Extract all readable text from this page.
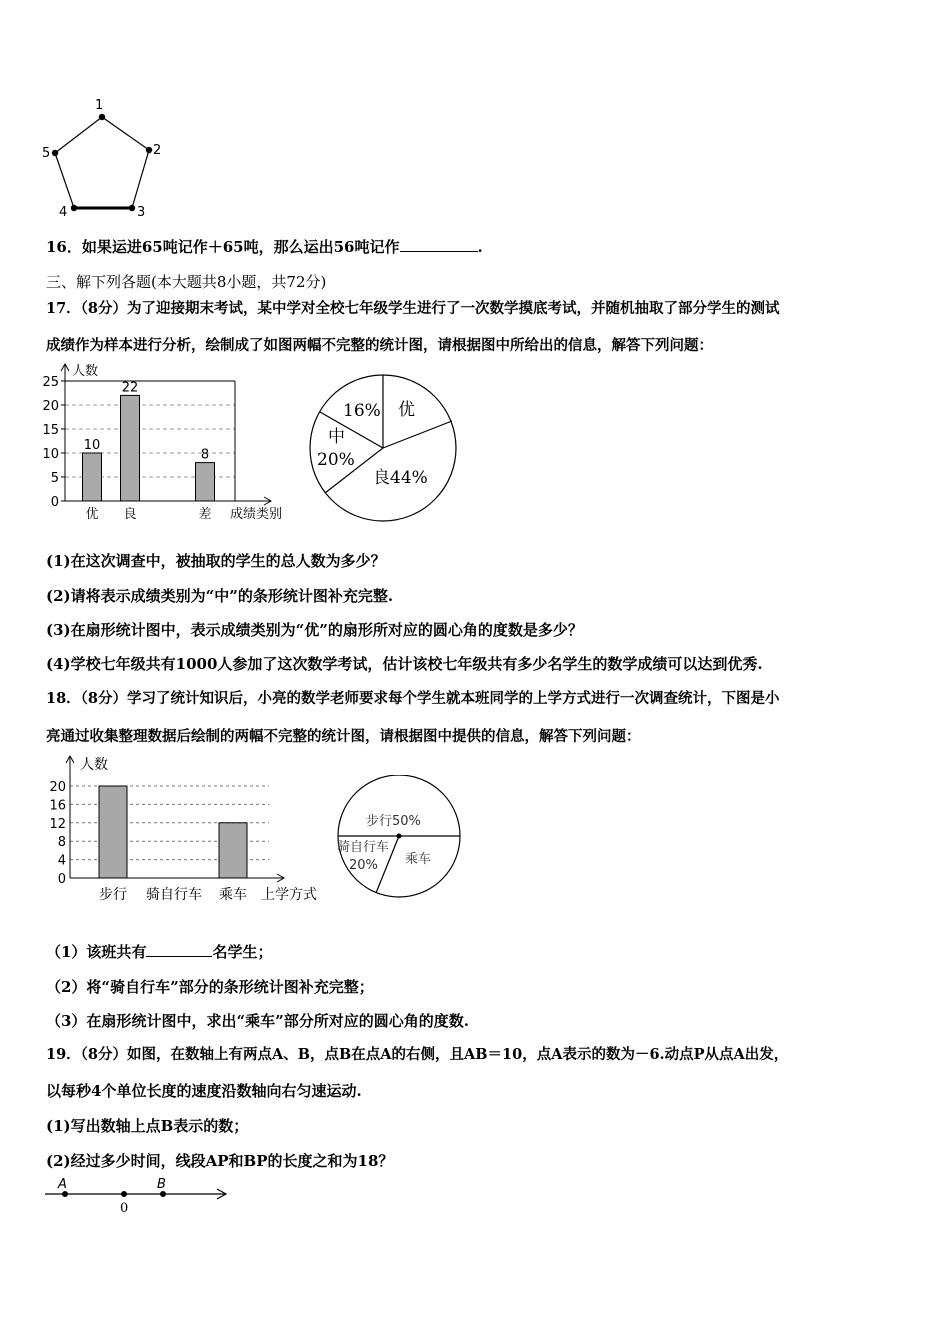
1
2
3
4
5
16．如果运进65吨记作＋65吨，那么运出56吨记作	.
三、解下列各题(本大题共8小题，共72分)
17．（8分）为了迎接期末考试，某中学对全校七年级学生进行了一次数学摸底考试，并随机抽取了部分学生的测试
成绩作为样本进行分析，绘制成了如图两幅不完整的统计图，请根据图中所给出的信息，解答下列问题：
0
5
10
15
20
25
人数
成绩类别
优
10
良
22
差
8
16% 优
中
20%
良44%
(1)在这次调查中，被抽取的学生的总人数为多少？
(2)请将表示成绩类别为“中”的条形统计图补充完整.
(3)在扇形统计图中，表示成绩类别为“优”的扇形所对应的圆心角的度数是多少？
(4)学校七年级共有1000人参加了这次数学考试，估计该校七年级共有多少名学生的数学成绩可以达到优秀.
18．（8分）学习了统计知识后，小亮的数学老师要求每个学生就本班同学的上学方式进行一次调查统计，下图是小
亮通过收集整理数据后绘制的两幅不完整的统计图，请根据图中提供的信息，解答下列问题：
0
4
8
12
16
20
人数
步行 骑自行车 乘车 上学方式
步行50%
骑自行车
20% 乘车
（1）该班共有	名学生；
（2）将“骑自行车”部分的条形统计图补充完整；
（3）在扇形统计图中，求出“乘车”部分所对应的圆心角的度数.
19．（8分）如图，在数轴上有两点A、B，点B在点A的右侧，且AB＝10，点A表示的数为－6.动点P从点A出发，
以每秒4个单位长度的速度沿数轴向右匀速运动.
(1)写出数轴上点B表示的数；
(2)经过多少时间，线段AP和BP的长度之和为18？
A	B
0
